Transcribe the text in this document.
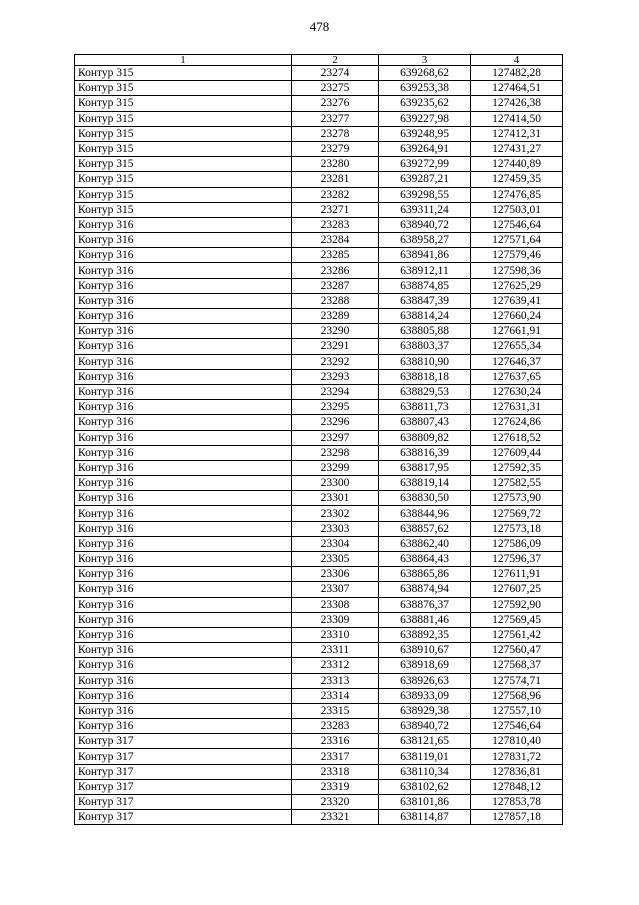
478
1	2	3	4
Контур 315	23274	639268,62	127482,28
Контур 315	23275	639253,38	127464,51
Контур 315	23276	639235,62	127426,38
Контур 315	23277	639227,98	127414,50
Контур 315	23278	639248,95	127412,31
Контур 315	23279	639264,91	127431,27
Контур 315	23280	639272,99	127440,89
Контур 315	23281	639287,21	127459,35
Контур 315	23282	639298,55	127476,85
Контур 315	23271	639311,24	127503,01
Контур 316	23283	638940,72	127546,64
Контур 316	23284	638958,27	127571,64
Контур 316	23285	638941,86	127579,46
Контур 316	23286	638912,11	127598,36
Контур 316	23287	638874,85	127625,29
Контур 316	23288	638847,39	127639,41
Контур 316	23289	638814,24	127660,24
Контур 316	23290	638805,88	127661,91
Контур 316	23291	638803,37	127655,34
Контур 316	23292	638810,90	127646,37
Контур 316	23293	638818,18	127637,65
Контур 316	23294	638829,53	127630,24
Контур 316	23295	638811,73	127631,31
Контур 316	23296	638807,43	127624,86
Контур 316	23297	638809,82	127618,52
Контур 316	23298	638816,39	127609,44
Контур 316	23299	638817,95	127592,35
Контур 316	23300	638819,14	127582,55
Контур 316	23301	638830,50	127573,90
Контур 316	23302	638844,96	127569,72
Контур 316	23303	638857,62	127573,18
Контур 316	23304	638862,40	127586,09
Контур 316	23305	638864,43	127596,37
Контур 316	23306	638865,86	127611,91
Контур 316	23307	638874,94	127607,25
Контур 316	23308	638876,37	127592,90
Контур 316	23309	638881,46	127569,45
Контур 316	23310	638892,35	127561,42
Контур 316	23311	638910,67	127560,47
Контур 316	23312	638918,69	127568,37
Контур 316	23313	638926,63	127574,71
Контур 316	23314	638933,09	127568,96
Контур 316	23315	638929,38	127557,10
Контур 316	23283	638940,72	127546,64
Контур 317	23316	638121,65	127810,40
Контур 317	23317	638119,01	127831,72
Контур 317	23318	638110,34	127836,81
Контур 317	23319	638102,62	127848,12
Контур 317	23320	638101,86	127853,78
Контур 317	23321	638114,87	127857,18
